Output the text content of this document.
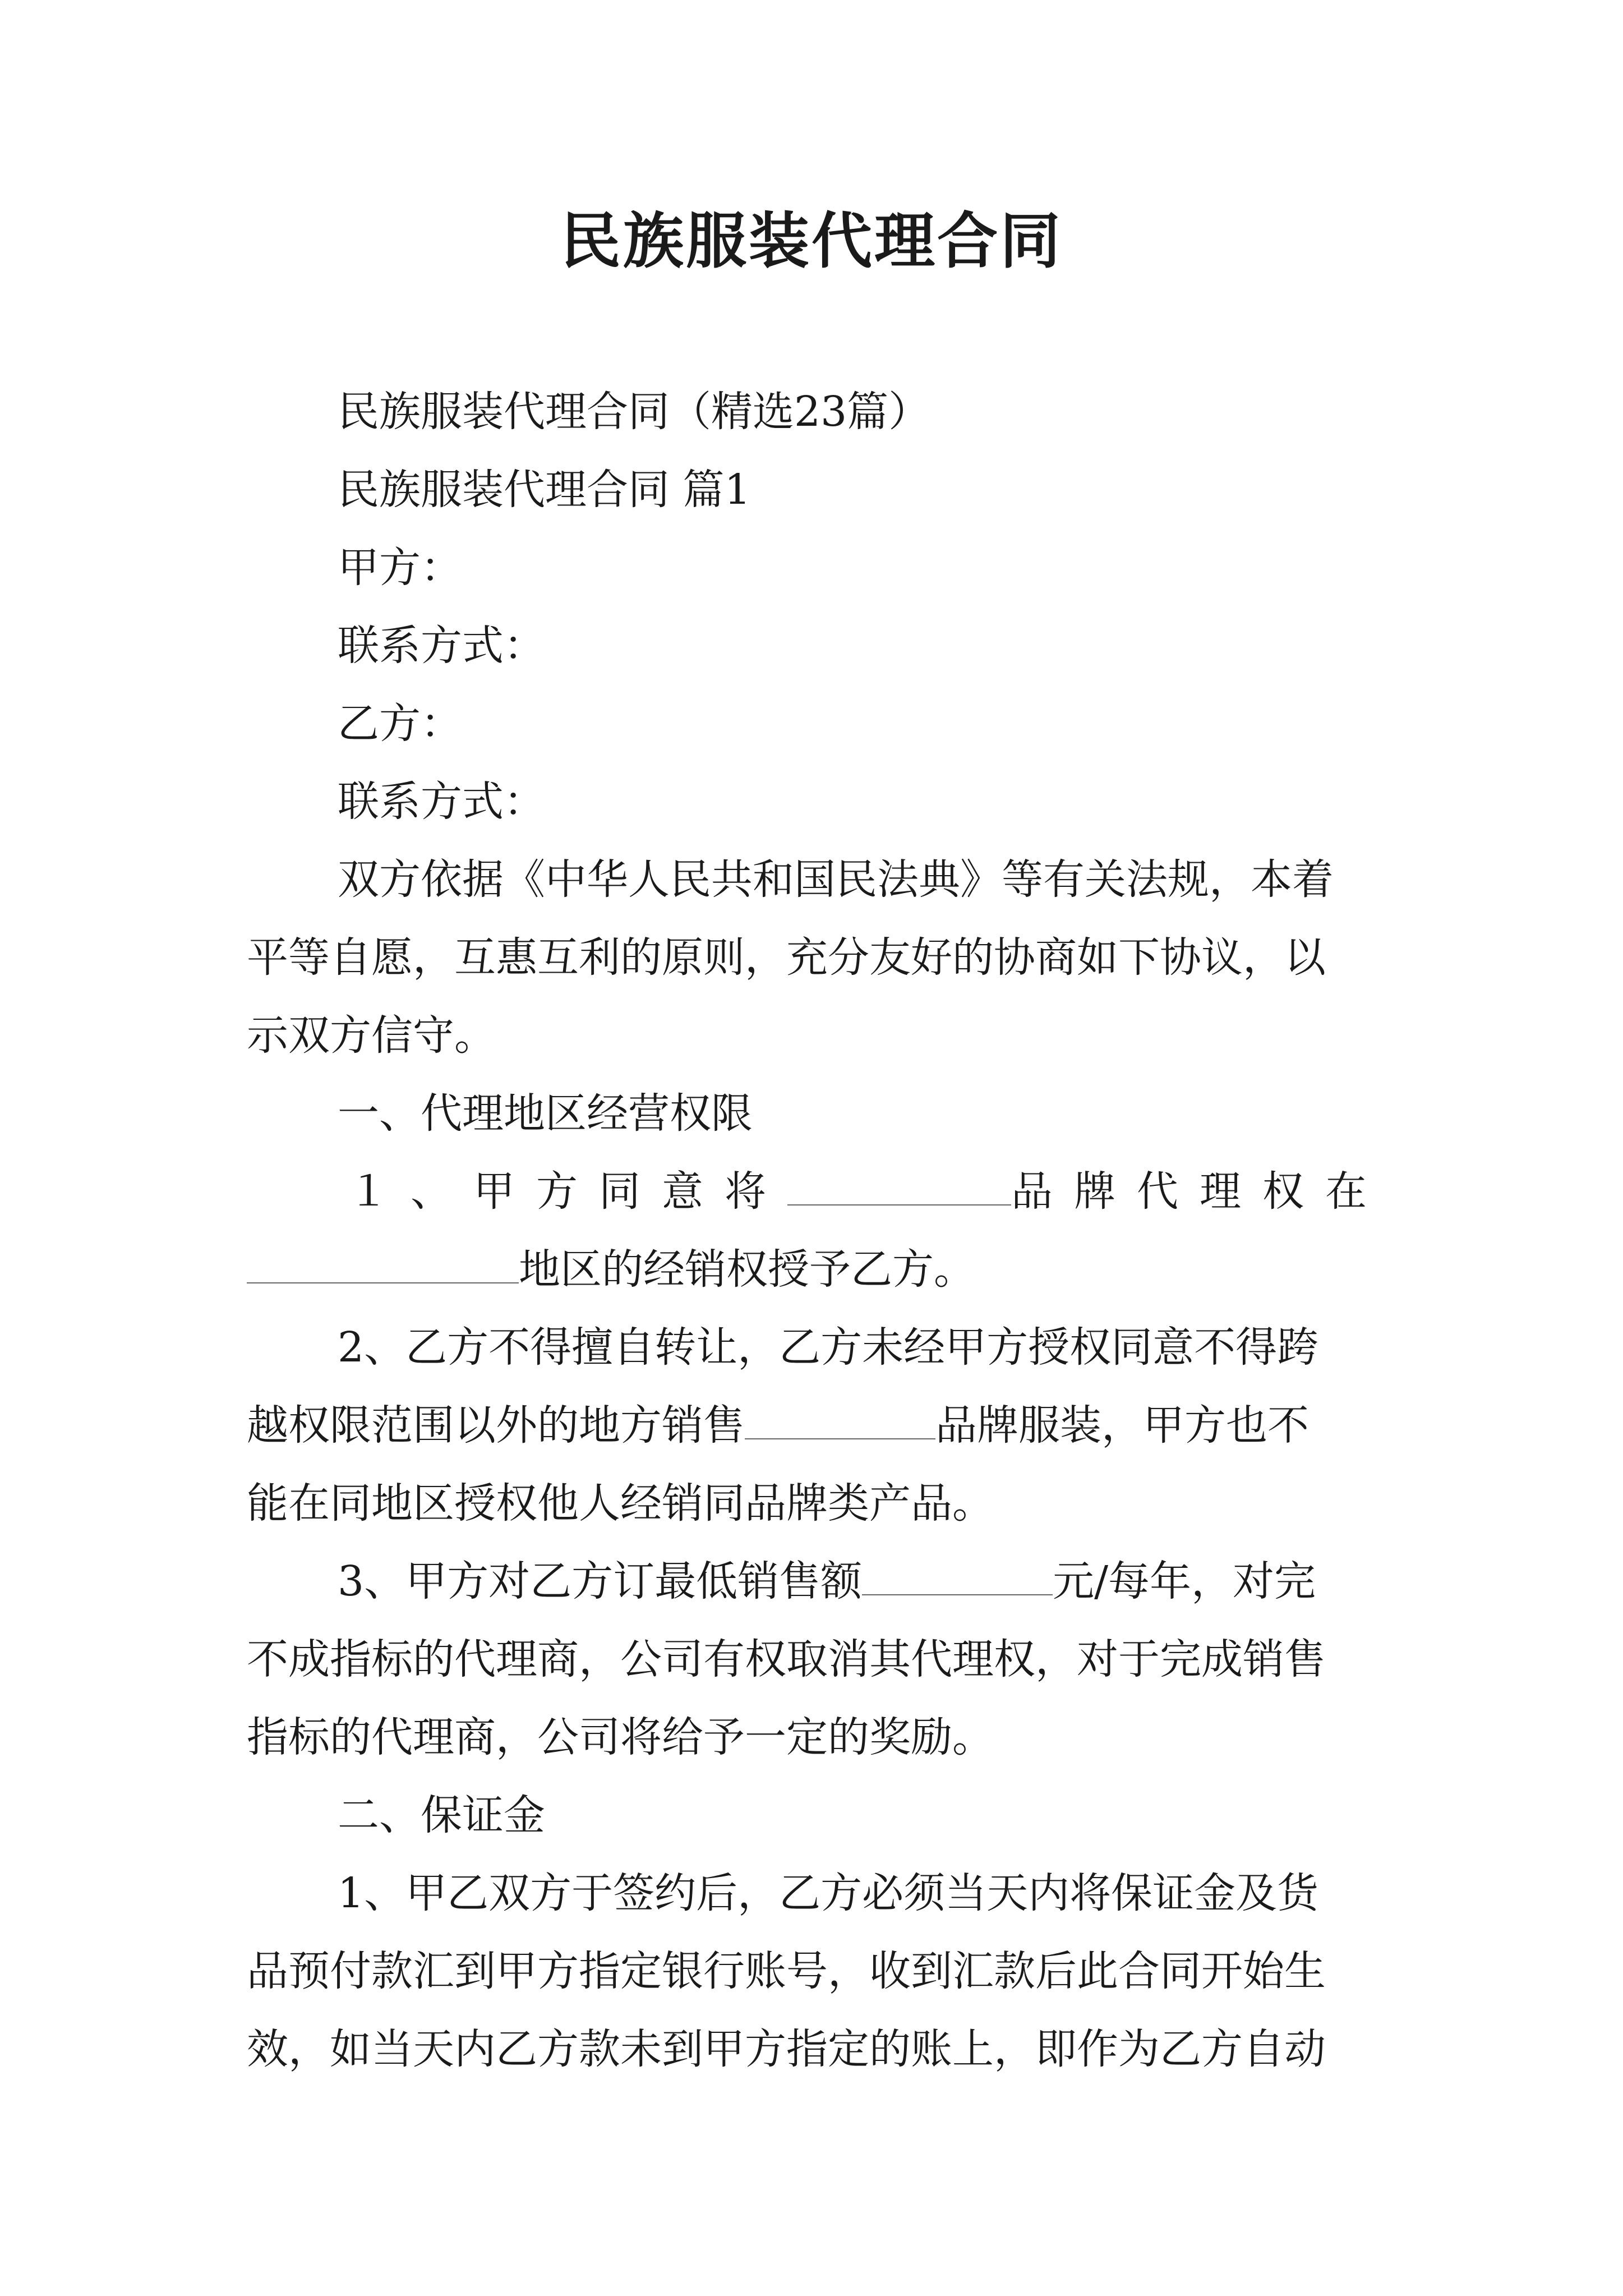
民族服装代理合同
民族服装代理合同（精选23篇）
民族服装代理合同 篇1
甲方：
联系方式：
乙方：
联系方式：
双方依据《中华人民共和国民法典》等有关法规，本着
平等自愿，互惠互利的原则，充分友好的协商如下协议，以
示双方信守。
一、代理地区经营权限
１、甲方同意将	品牌代理权在
地区的经销权授予乙方。
2、乙方不得擅自转让，乙方未经甲方授权同意不得跨
越权限范围以外的地方销售	品牌服装，甲方也不
能在同地区授权他人经销同品牌类产品。
3、甲方对乙方订最低销售额	元/每年，对完
不成指标的代理商，公司有权取消其代理权，对于完成销售
指标的代理商，公司将给予一定的奖励。
二、保证金
1、甲乙双方于签约后，乙方必须当天内将保证金及货
品预付款汇到甲方指定银行账号，收到汇款后此合同开始生
效，如当天内乙方款未到甲方指定的账上，即作为乙方自动
